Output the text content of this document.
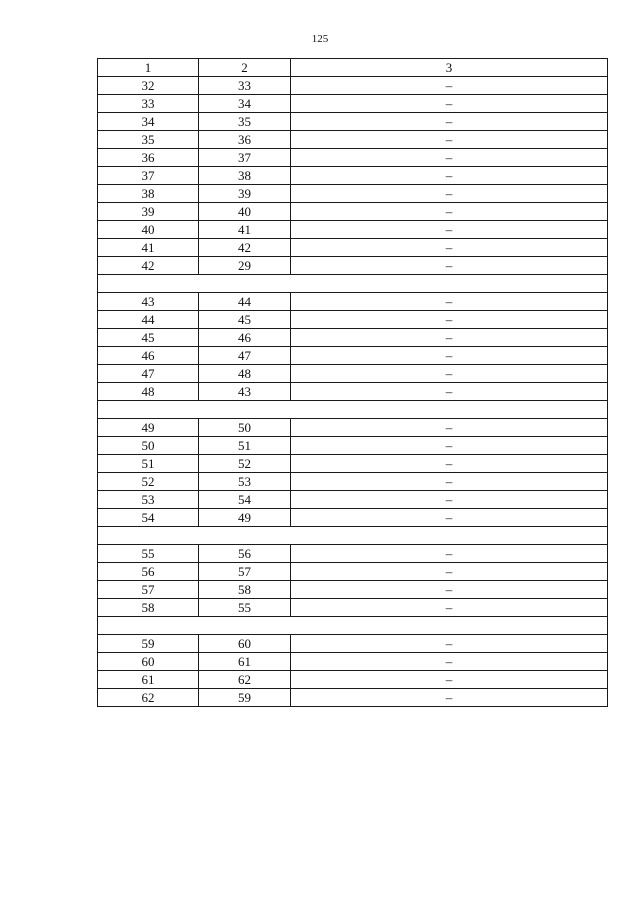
125
1	2	3
32	33	–
33	34	–
34	35	–
35	36	–
36	37	–
37	38	–
38	39	–
39	40	–
40	41	–
41	42	–
42	29	–

43	44	–
44	45	–
45	46	–
46	47	–
47	48	–
48	43	–

49	50	–
50	51	–
51	52	–
52	53	–
53	54	–
54	49	–

55	56	–
56	57	–
57	58	–
58	55	–

59	60	–
60	61	–
61	62	–
62	59	–
